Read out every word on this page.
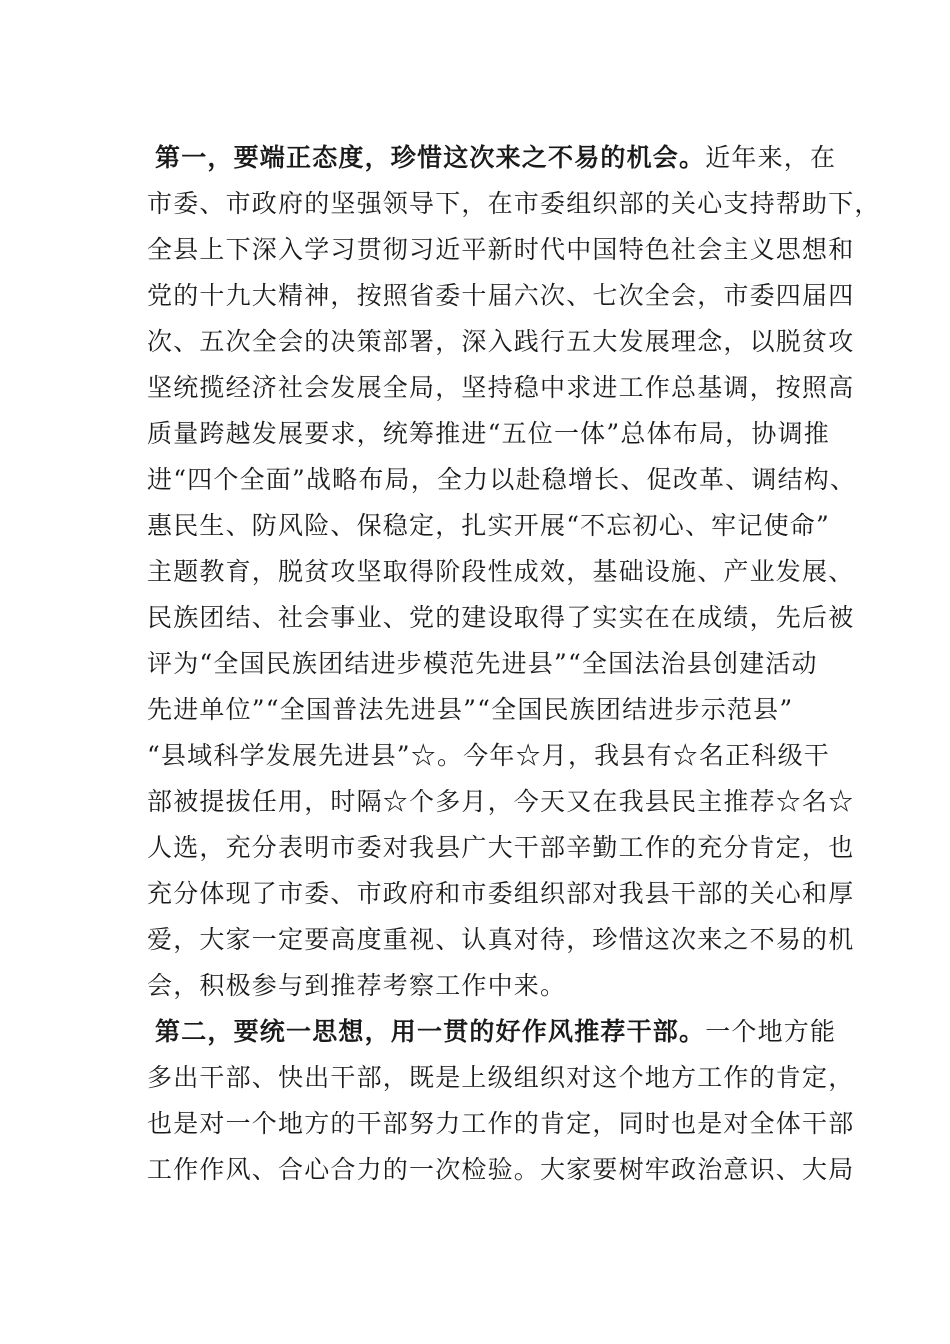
第一，要端正态度，珍惜这次来之不易的机会。近年来，在
市委、市政府的坚强领导下，在市委组织部的关心支持帮助下，
全县上下深入学习贯彻习近平新时代中国特色社会主义思想和
党的十九大精神，按照省委十届六次、七次全会，市委四届四
次、五次全会的决策部署，深入践行五大发展理念，以脱贫攻
坚统揽经济社会发展全局，坚持稳中求进工作总基调，按照高
质量跨越发展要求，统筹推进“五位一体”总体布局，协调推
进“四个全面”战略布局，全力以赴稳增长、促改革、调结构、
惠民生、防风险、保稳定，扎实开展“不忘初心、牢记使命”
主题教育，脱贫攻坚取得阶段性成效，基础设施、产业发展、
民族团结、社会事业、党的建设取得了实实在在成绩，先后被
评为“全国民族团结进步模范先进县”“全国法治县创建活动
先进单位”“全国普法先进县”“全国民族团结进步示范县”
“县域科学发展先进县”☆。今年☆月，我县有☆名正科级干
部被提拔任用，时隔☆个多月，今天又在我县民主推荐☆名☆
人选，充分表明市委对我县广大干部辛勤工作的充分肯定，也
充分体现了市委、市政府和市委组织部对我县干部的关心和厚
爱，大家一定要高度重视、认真对待，珍惜这次来之不易的机
会，积极参与到推荐考察工作中来。
第二，要统一思想，用一贯的好作风推荐干部。一个地方能
多出干部、快出干部，既是上级组织对这个地方工作的肯定，
也是对一个地方的干部努力工作的肯定，同时也是对全体干部
工作作风、合心合力的一次检验。大家要树牢政治意识、大局
